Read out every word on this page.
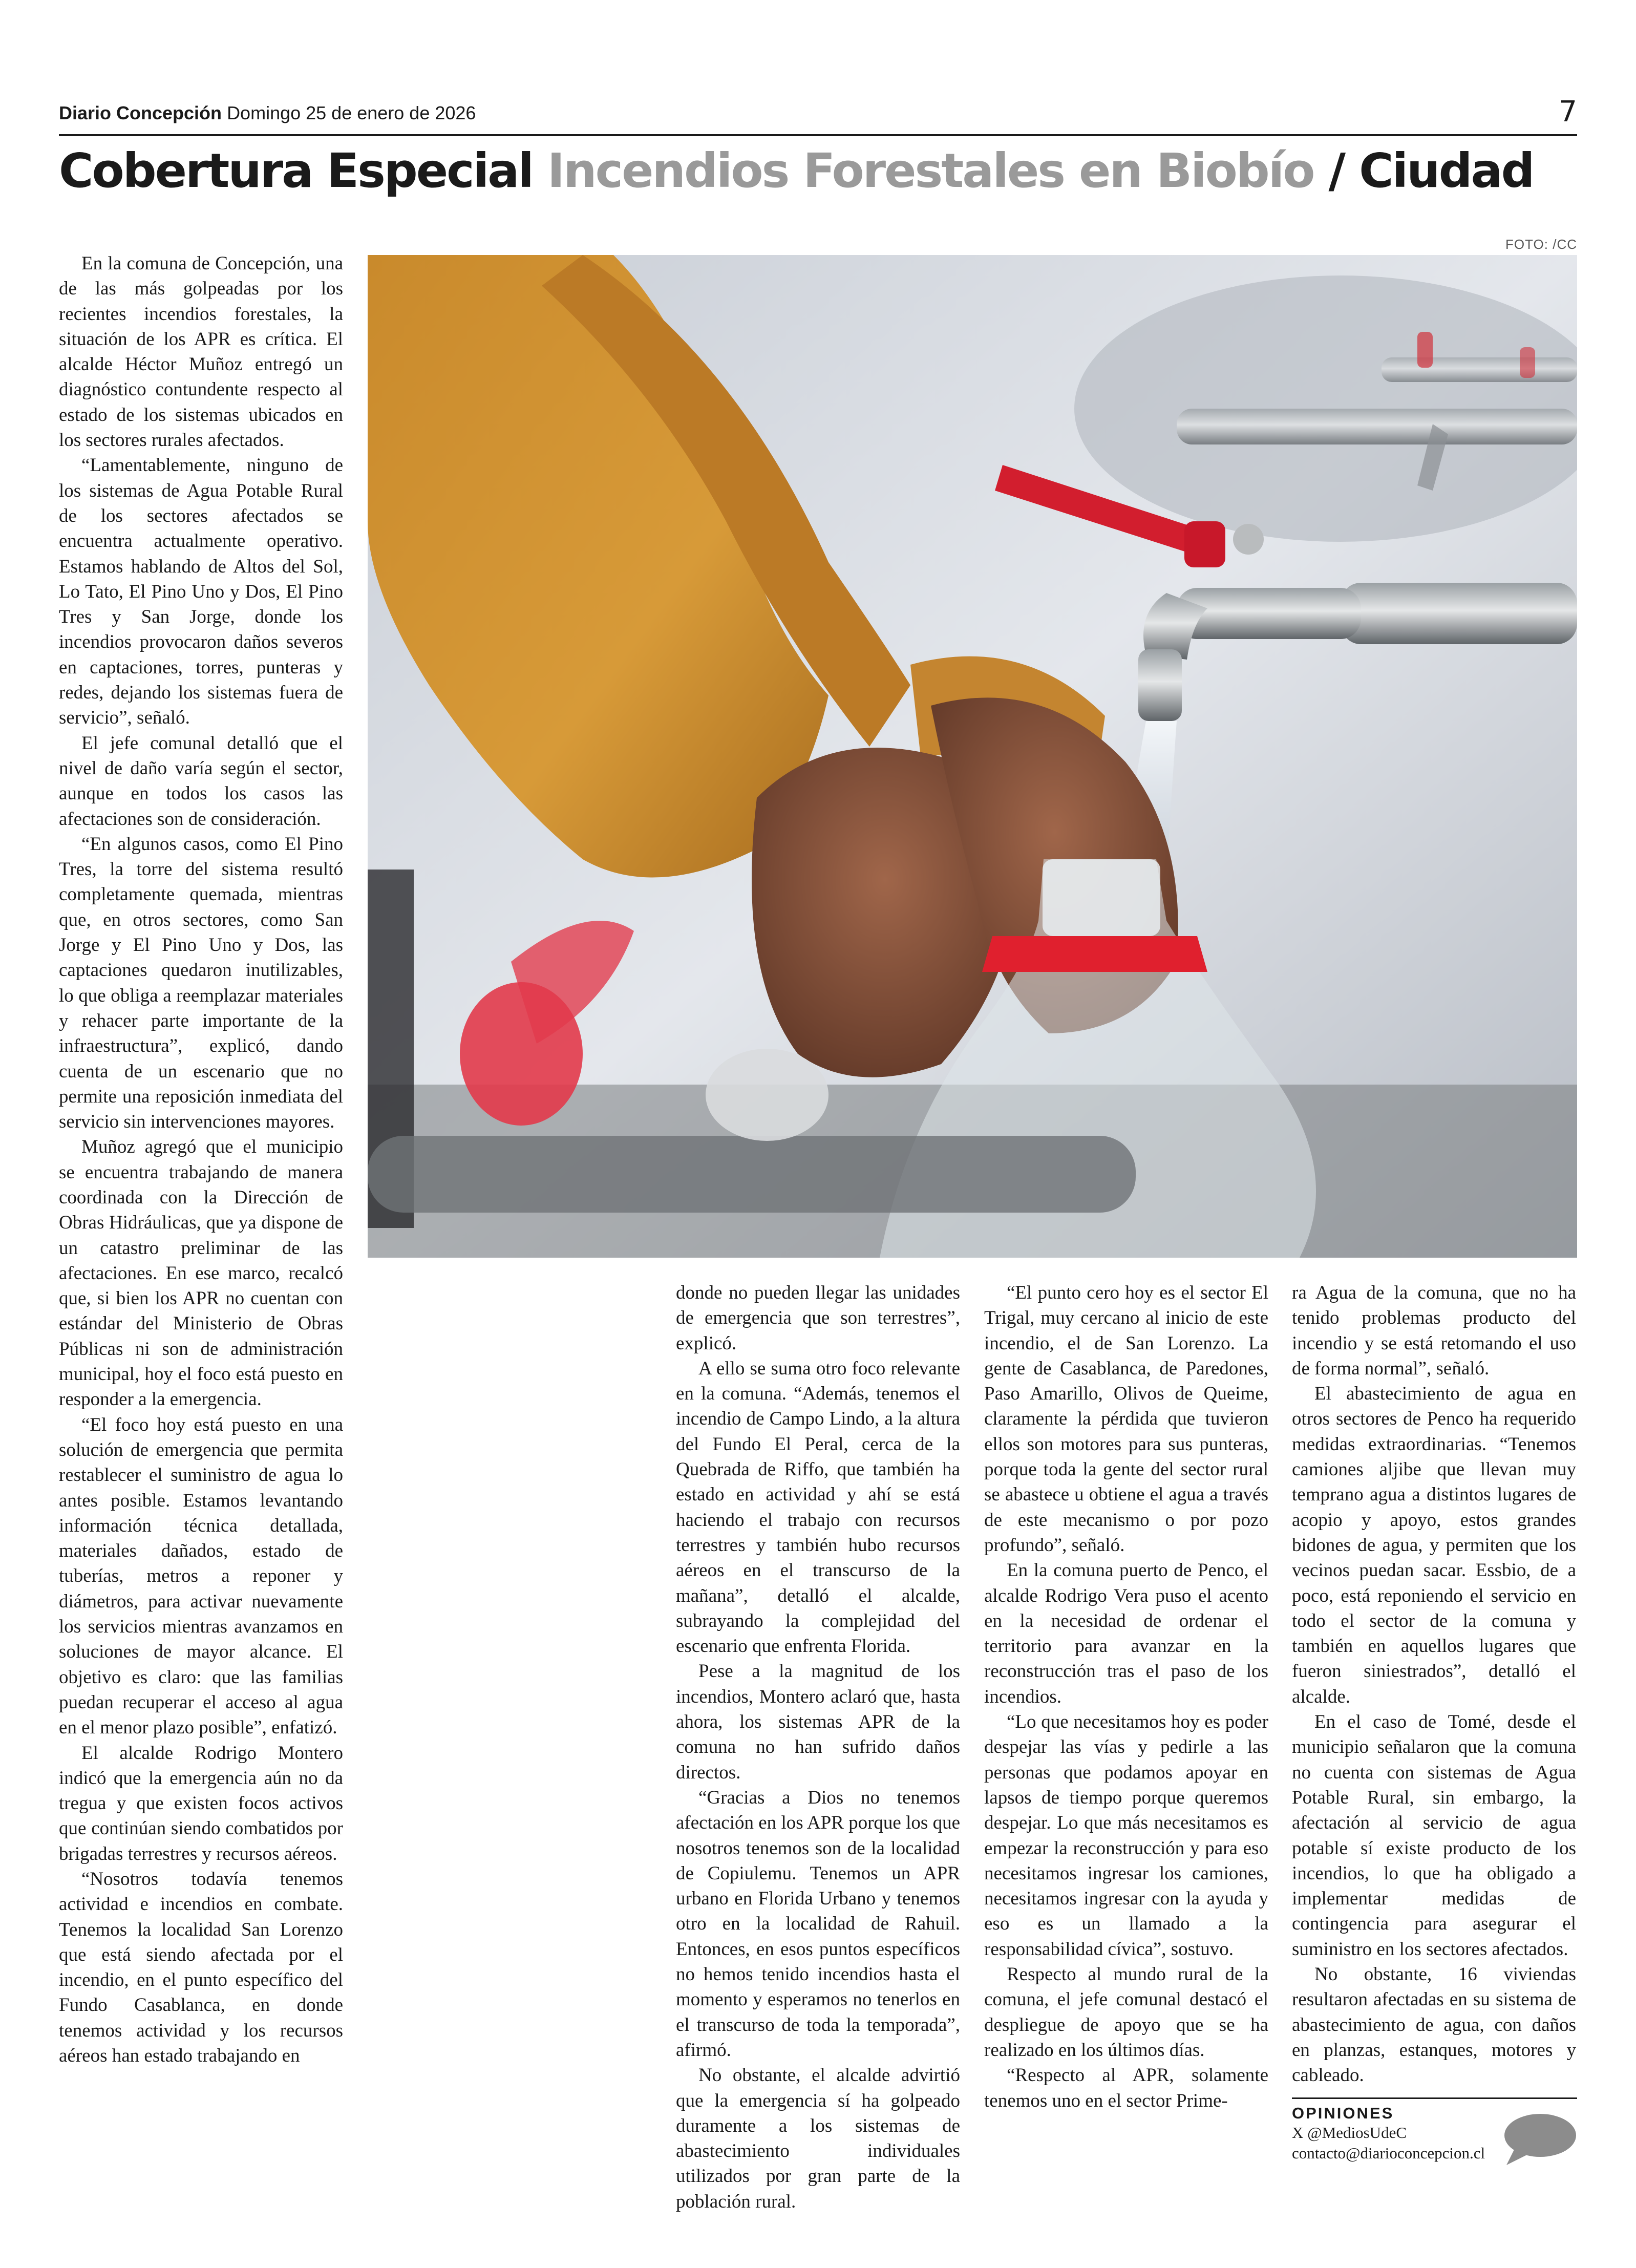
Diario Concepción Domingo 25 de enero de 2026	7
Cobertura Especial Incendios Forestales en Biobío / Ciudad
FOTO: /CC

En la comuna de Concepción, una de las más golpeadas por los recientes incendios forestales, la situación de los APR es crítica. El alcalde Héctor Muñoz entregó un diagnóstico contundente respecto al estado de los sistemas ubicados en los sectores rurales afectados.

“Lamentablemente, ninguno de los sistemas de Agua Potable Rural de los sectores afectados se encuentra actualmente operativo. Estamos hablando de Altos del Sol, Lo Tato, El Pino Uno y Dos, El Pino Tres y San Jorge, donde los incendios provocaron daños severos en captaciones, torres, punteras y redes, dejando los sistemas fuera de servicio”, señaló.

El jefe comunal detalló que el nivel de daño varía según el sector, aunque en todos los casos las afectaciones son de consideración.

“En algunos casos, como El Pino Tres, la torre del sistema resultó completamente quemada, mientras que, en otros sectores, como San Jorge y El Pino Uno y Dos, las captaciones quedaron inutilizables, lo que obliga a reemplazar materiales y rehacer parte importante de la infraestructura”, explicó, dando cuenta de un escenario que no permite una reposición inmediata del servicio sin intervenciones mayores.

Muñoz agregó que el municipio se encuentra trabajando de manera coordinada con la Dirección de Obras Hidráulicas, que ya dispone de un catastro preliminar de las afectaciones. En ese marco, recalcó que, si bien los APR no cuentan con estándar del Ministerio de Obras Públicas ni son de administración municipal, hoy el foco está puesto en responder a la emergencia.

“El foco hoy está puesto en una solución de emergencia que permita restablecer el suministro de agua lo antes posible. Estamos levantando información técnica detallada, materiales dañados, estado de tuberías, metros a reponer y diámetros, para activar nuevamente los servicios mientras avanzamos en soluciones de mayor alcance. El objetivo es claro: que las familias puedan recuperar el acceso al agua en el menor plazo posible”, enfatizó.

El alcalde Rodrigo Montero indicó que la emergencia aún no da tregua y que existen focos activos que continúan siendo combatidos por brigadas terrestres y recursos aéreos.

“Nosotros todavía tenemos actividad e incendios en combate. Tenemos la localidad San Lorenzo que está siendo afectada por el incendio, en el punto específico del Fundo Casablanca, en donde tenemos actividad y los recursos aéreos han estado trabajando en

donde no pueden llegar las unidades de emergencia que son terrestres”, explicó.

A ello se suma otro foco relevante en la comuna. “Además, tenemos el incendio de Campo Lindo, a la altura del Fundo El Peral, cerca de la Quebrada de Riffo, que también ha estado en actividad y ahí se está haciendo el trabajo con recursos terrestres y también hubo recursos aéreos en el transcurso de la mañana”, detalló el alcalde, subrayando la complejidad del escenario que enfrenta Florida.

Pese a la magnitud de los incendios, Montero aclaró que, hasta ahora, los sistemas APR de la comuna no han sufrido daños directos.

“Gracias a Dios no tenemos afectación en los APR porque los que nosotros tenemos son de la localidad de Copiulemu. Tenemos un APR urbano en Florida Urbano y tenemos otro en la localidad de Rahuil. Entonces, en esos puntos específicos no hemos tenido incendios hasta el momento y esperamos no tenerlos en el transcurso de toda la temporada”, afirmó.

No obstante, el alcalde advirtió que la emergencia sí ha golpeado duramente a los sistemas de abastecimiento individuales utilizados por gran parte de la población rural.

“El punto cero hoy es el sector El Trigal, muy cercano al inicio de este incendio, el de San Lorenzo. La gente de Casablanca, de Paredones, Paso Amarillo, Olivos de Queime, claramente la pérdida que tuvieron ellos son motores para sus punteras, porque toda la gente del sector rural se abastece u obtiene el agua a través de este mecanismo o por pozo profundo”, señaló.

En la comuna puerto de Penco, el alcalde Rodrigo Vera puso el acento en la necesidad de ordenar el territorio para avanzar en la reconstrucción tras el paso de los incendios.

“Lo que necesitamos hoy es poder despejar las vías y pedirle a las personas que podamos apoyar en lapsos de tiempo porque queremos despejar. Lo que más necesitamos es empezar la reconstrucción y para eso necesitamos ingresar los camiones, necesitamos ingresar con la ayuda y eso es un llamado a la responsabilidad cívica”, sostuvo.

Respecto al mundo rural de la comuna, el jefe comunal destacó el despliegue de apoyo que se ha realizado en los últimos días.

“Respecto al APR, solamente tenemos uno en el sector Prime-

ra Agua de la comuna, que no ha tenido problemas producto del incendio y se está retomando el uso de forma normal”, señaló.

El abastecimiento de agua en otros sectores de Penco ha requerido medidas extraordinarias. “Tenemos camiones aljibe que llevan muy temprano agua a distintos lugares de acopio y apoyo, estos grandes bidones de agua, y permiten que los vecinos puedan sacar. Essbio, de a poco, está reponiendo el servicio en todo el sector de la comuna y también en aquellos lugares que fueron siniestrados”, detalló el alcalde.

En el caso de Tomé, desde el municipio señalaron que la comuna no cuenta con sistemas de Agua Potable Rural, sin embargo, la afectación al servicio de agua potable sí existe producto de los incendios, lo que ha obligado a implementar medidas de contingencia para asegurar el suministro en los sectores afectados.

No obstante, 16 viviendas resultaron afectadas en su sistema de abastecimiento de agua, con daños en planzas, estanques, motores y cableado.

OPINIONES
X @MediosUdeC
contacto@diarioconcepcion.cl
